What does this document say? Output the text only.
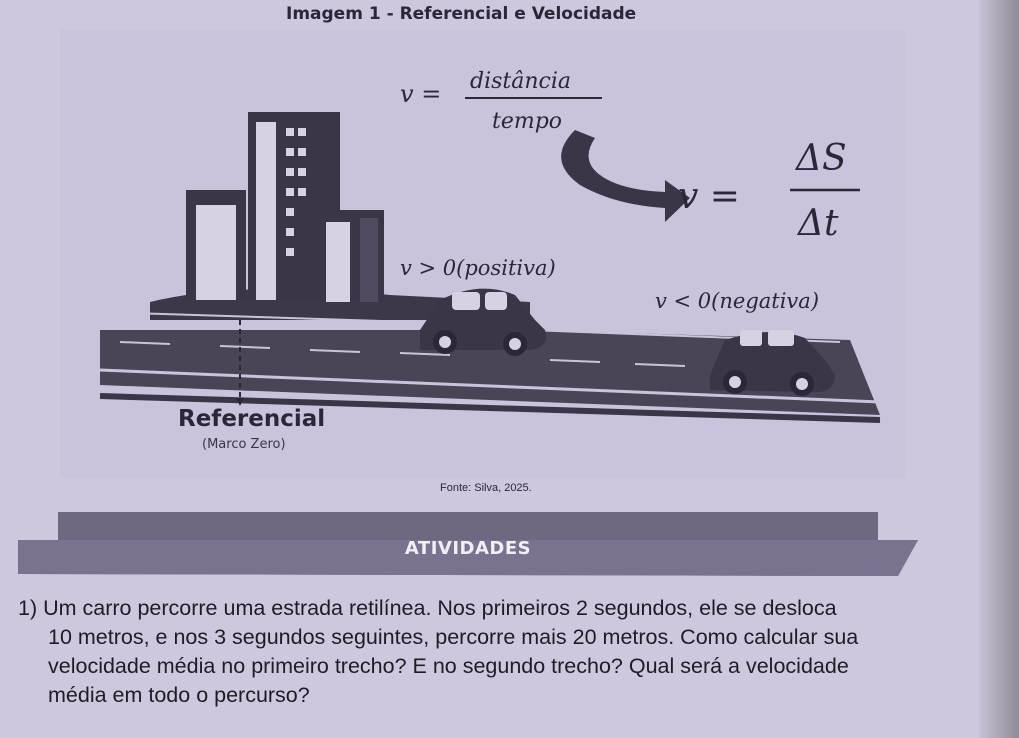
Imagem 1 - Referencial e Velocidade
v = distância
tempo
v =
ΔS
Δt
v > 0(positiva)
v < 0(negativa)
Referencial
(Marco Zero)
Fonte: Silva, 2025.
ATIVIDADES
1) Um carro percorre uma estrada retilínea. Nos primeiros 2 segundos, ele se desloca
10 metros, e nos 3 segundos seguintes, percorre mais 20 metros. Como calcular sua
velocidade média no primeiro trecho? E no segundo trecho? Qual será a velocidade
média em todo o percurso?
